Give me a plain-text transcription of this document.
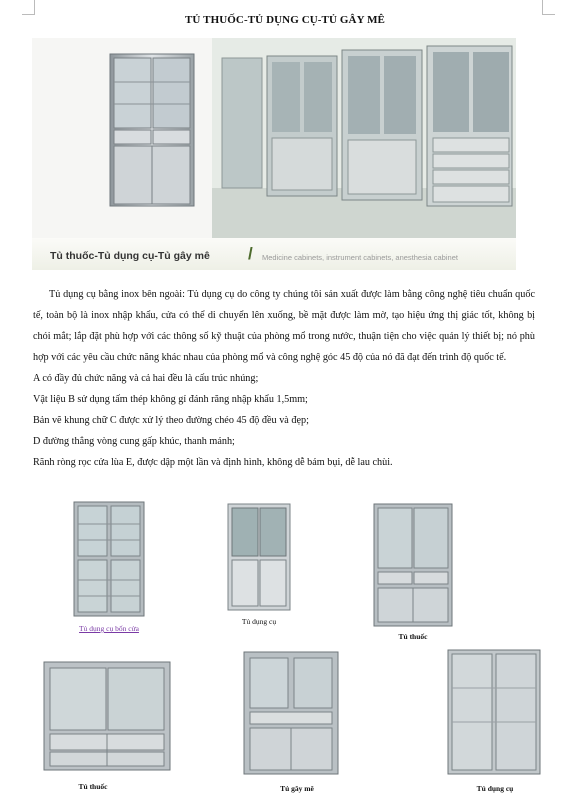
TỦ THUỐC-TỦ DỤNG CỤ-TỦ GÂY MÊ
Tủ thuốc-Tủ dụng cụ-Tủ gây mê / Medicine cabinets, instrument cabinets, anesthesia cabinet

Tủ dụng cụ bằng inox bên ngoài: Tủ dụng cụ do công ty chúng tôi sản xuất được làm bằng công nghệ tiêu chuẩn quốc tế, toàn bộ là inox nhập khẩu, cửa có thể di chuyển lên xuống, bề mặt được làm mờ, tạo hiệu ứng thị giác tốt, không bị chói mắt; lắp đặt phù hợp với các thông số kỹ thuật của phòng mổ trong nước, thuận tiện cho việc quản lý thiết bị; nó phù hợp với các yêu cầu chức năng khác nhau của phòng mổ và công nghệ góc 45 độ của nó đã đạt đến trình độ quốc tế.

A có đầy đủ chức năng và cả hai đều là cấu trúc nhúng;

Vật liệu B sử dụng tấm thép không gỉ đánh răng nhập khẩu 1,5mm;

Bản vẽ khung chữ C được xử lý theo đường chéo 45 độ đều và đẹp;

D đường thẳng vòng cung gấp khúc, thanh mảnh;

Rãnh ròng rọc cửa lùa E, được dập một lần và định hình, không dễ bám bụi, dễ lau chùi.

Tủ dụng cụ bốn cửa
Tủ dụng cụ
Tủ thuốc
Tủ thuốc	Tủ gây mê	Tủ dụng cụ
